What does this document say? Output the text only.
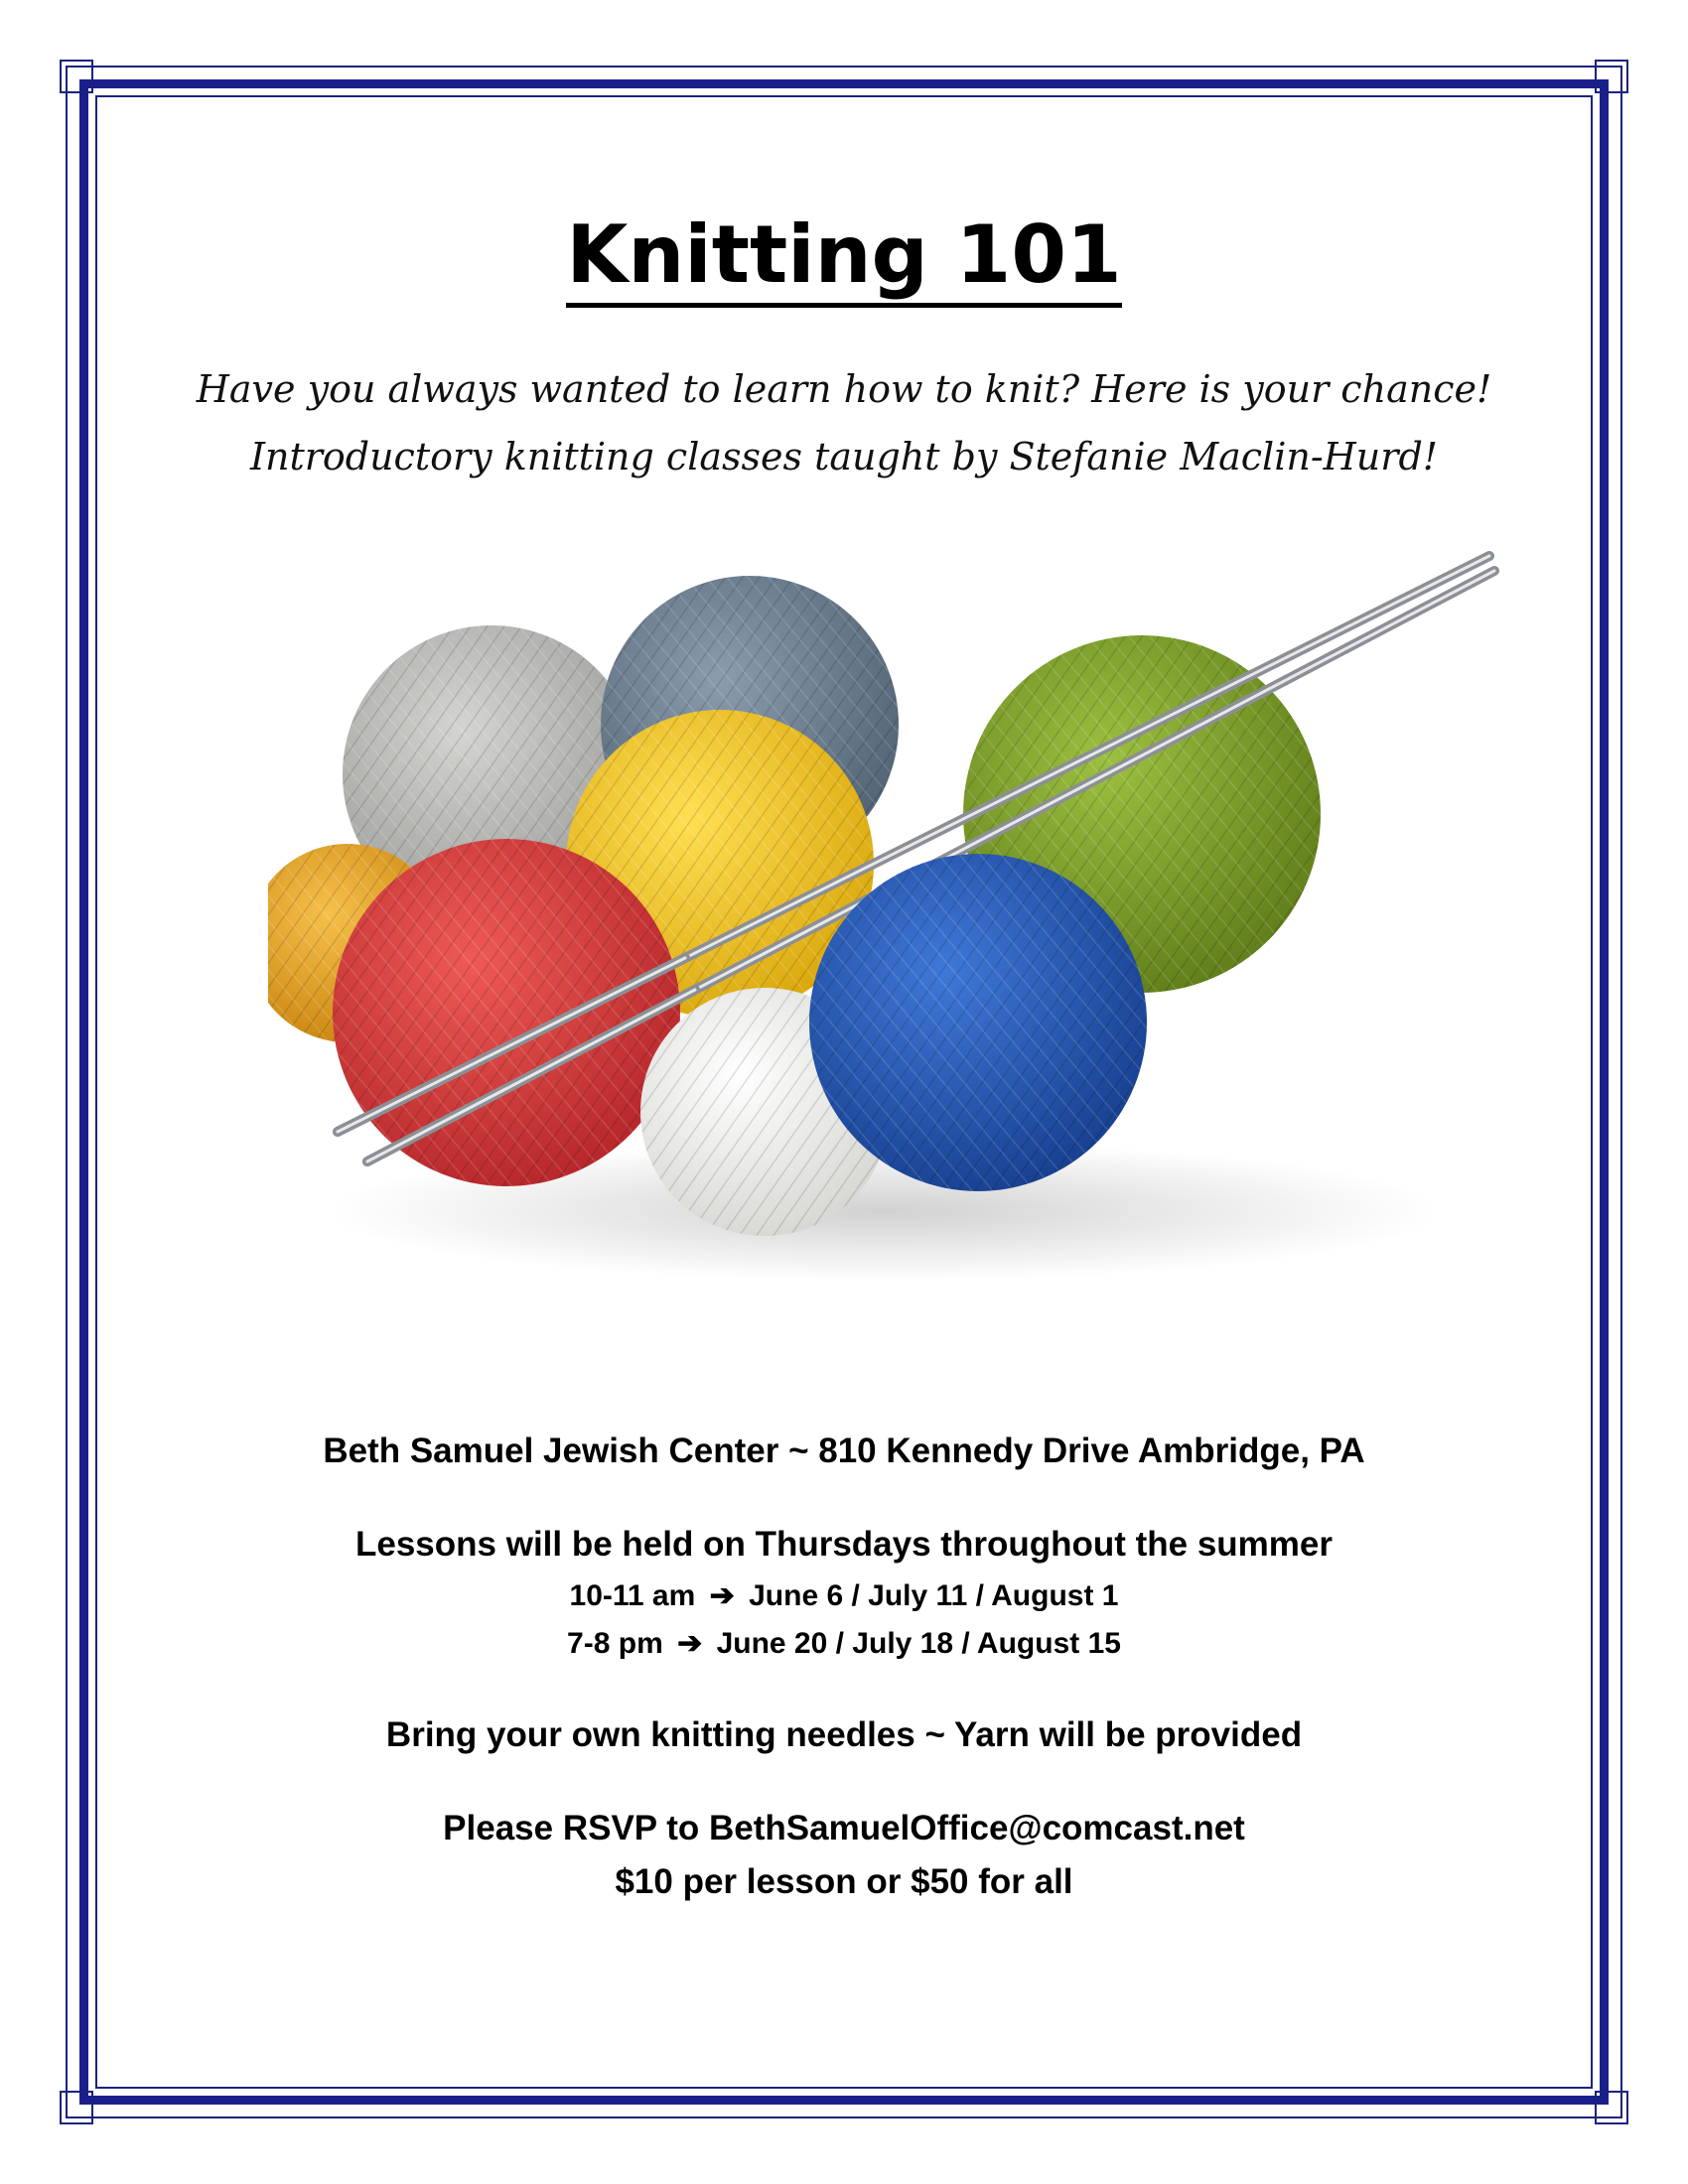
Knitting 101
Have you always wanted to learn how to knit? Here is your chance!
Introductory knitting classes taught by Stefanie Maclin-Hurd!
Beth Samuel Jewish Center ~ 810 Kennedy Drive Ambridge, PA
Lessons will be held on Thursdays throughout the summer
10-11 am ➔ June 6 / July 11 / August 1
7-8 pm ➔ June 20 / July 18 / August 15
Bring your own knitting needles ~ Yarn will be provided
Please RSVP to BethSamuelOffice@comcast.net
$10 per lesson or $50 for all
